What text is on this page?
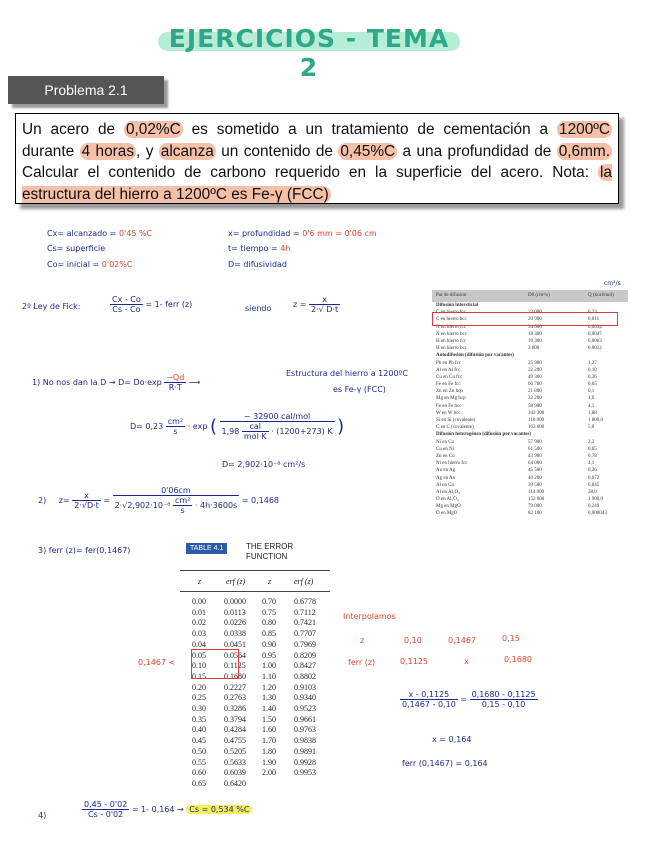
EJERCICIOS - TEMA 2
Problema 2.1
Un acero de 0,02%C es sometido a un tratamiento de cementación a 1200ºC durante 4 horas , y alcanza un contenido de 0,45%C a una profundidad de 0,6mm. Calcular el contenido de carbono requerido en la superficie del acero. Nota: la estructura del hierro a 1200ºC es Fe-γ (FCC)
Cx= alcanzado = 0'45 %C
Cs= superficie
Co= inicial = 0'02%C
x= profundidad = 0'6 mm = 0'06 cm
t= tiempo = 4h
D= difusividad
2º Ley de Fick:	$\frac{Cx - Co}{Cs - Co} = 1-$ ferr (z)	siendo	$z = \frac{x}{2\cdot√ D\cdot t}$
1) No nos dan la $D \to D= Do\cdot\exp \frac{-Qd}{R\cdot T}$ ⟶
Estructura del hierro a 1200ºC
es Fe-γ (FCC)
$D= 0,23 \frac{\text{cm²}}{s} \cdot \exp$ ( $\frac{\text{− 32900 cal/mol}}{1,98 \frac{\text{cal}}{\text{mol·K}} \cdot (1200+273) K}$ )
D= 2,902·10⁻⁸ cm²/s
2) $z= \frac{x}{2\cdot√D\cdot t} = \frac{0'06cm}{2\cdot√2,902\cdot 10^{-8} \frac{\text{cm²}}{s} \cdot 4h\cdot 3600s} = 0,1468$
3) ferr (z)= fer(0,1467)
cm²/s
Par de difusión	D0 (cm²/s)	Q (kcal/mol)
Difusión intersticial
C en hierro fcc	23 000	0,23
C en hierro bcc	20 900	0,011
N en hierro fcc	34 600	0,0034
N en hierro bcc	18 300	0,0047
H en hierro fcc	10 300	0,0063
H en hierro bcc	3 600	0,0012
Autodifusión (difusión por vacantes)
Pb en Pb fcc	25 900	1,27
Al en Al fcc	32 200	0,10
Cu en Cu fcc	49 300	0,36
Fe en Fe fcc	66 700	0,65
Zn en Zn hcp	21 800	0,1
Mg en Mg hcp	32 200	1,0
Fe en Fe bcc	58 900	4,1
W en W bcc	143 300	1,88
Si en Si (covalente)	110 000	1 800,0
C en C (covalente)	163 000	5,0
Difusión heterogénea (difusión por vacantes)
Ni en Cu	57 900	2,3
Cu en Ni	61 500	0,65
Zn en Cu	43 900	0,78
Ni en hierro fcc	64 000	4,1
Au en Ag	45 500	0,26
Ag en Au	40 200	0,072
Al en Cu	39 500	0,045
Al en Al₂O₃	114 000	28,0
O en Al₂O₃	152 000	1 900,0
Mg en MgO	79 000	0,249
O en MgO	82 100	0,000043
TABLE 4.1	THE ERROR
FUNCTION
z	erf (z)	z	erf (z)
0.00 0.0000 0.70 0.6778
0.01 0.0113 0.75 0.7112
0.02 0.0226 0.80 0.7421
0.03 0.0338 0.85 0.7707
0.04 0.0451 0.90 0.7969
0.05 0.0564 0.95 0.8209
0.10 0.1125 1.00 0.8427
0.15 0.1680 1.10 0.8802
0.20 0.2227 1.20 0.9103
0.25 0.2763 1.30 0.9340
0.30 0.3286 1.40 0.9523
0.35 0.3794 1.50 0.9661
0.40 0.4284 1.60 0.9763
0.45 0.4755 1.70 0.9838
0.50 0.5205 1.80 0.9891
0.55 0.5633 1.90 0.9928
0.60 0.6039 2.00 0.9953
0.65 0.6420
0,1467 <
Interpolamos
z	0,10	0,1467	0,15
ferr (z)	0,1125	x	0,1680
$\frac{x - 0,1125}{0,1467 - 0,10} = \frac{0,1680 - 0,1125}{0,15 - 0,10}$
x = 0,164
ferr (0,1467) = 0,164
4)	$\frac{0,45 - 0'02}{Cs - 0'02} = 1-$ 0,164 → Cs = 0,534 %C
